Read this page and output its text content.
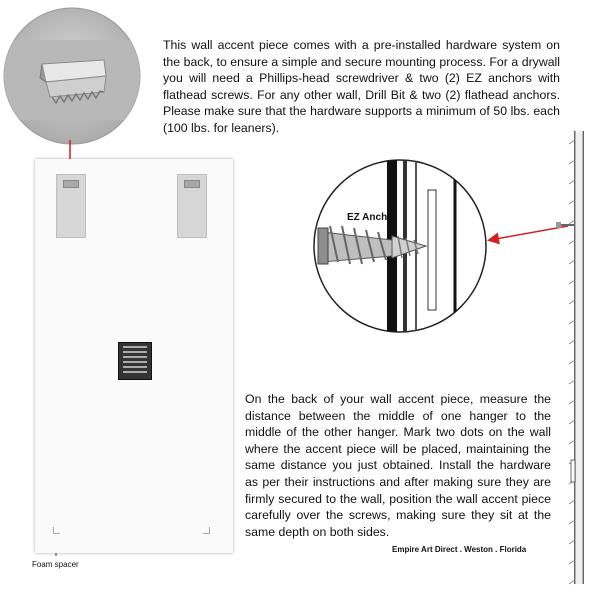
This wall accent piece comes with a pre-installed hardware system on the back, to ensure a simple and secure mounting process. For a drywall you will need a Phillips-head screwdriver & two (2) EZ anchors with flathead screws. For any other wall, Drill Bit & two (2) flathead anchors. Please make sure that the hardware supports a minimum of 50 lbs. each (100 lbs. for leaners).
EZ Anchor
On the back of your wall accent piece, measure the distance between the middle of one hanger to the middle of the other hanger. Mark two dots on the wall where the accent piece will be placed, maintaining the same distance you just obtained. Install the hardware as per their instructions and after making sure they are firmly secured to the wall, position the wall accent piece carefully over the screws, making sure they sit at the same depth on both sides.
Empire Art Direct . Weston . Florida
Foam spacer
